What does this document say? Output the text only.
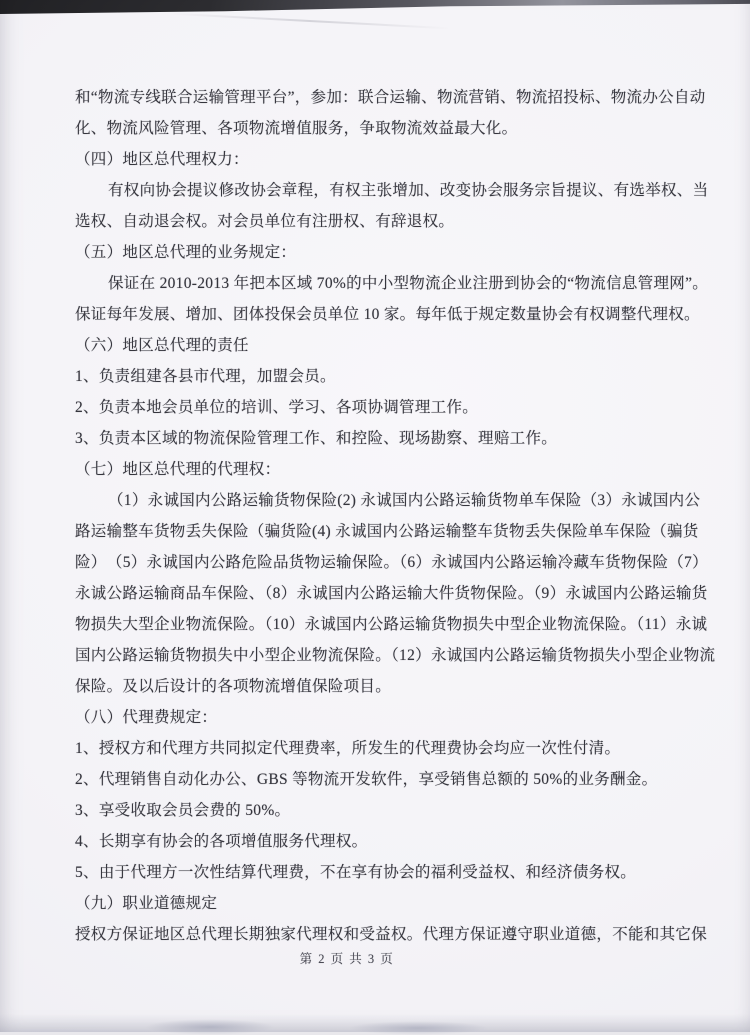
和“物流专线联合运输管理平台”，参加：联合运输、物流营销、物流招投标、物流办公自动
化、物流风险管理、各项物流增值服务，争取物流效益最大化。
（四）地区总代理权力：
有权向协会提议修改协会章程，有权主张增加、改变协会服务宗旨提议、有选举权、当
选权、自动退会权。对会员单位有注册权、有辞退权。
（五）地区总代理的业务规定：
保证在 2010-2013 年把本区域 70%的中小型物流企业注册到协会的“物流信息管理网”。
保证每年发展、增加、团体投保会员单位 10 家。每年低于规定数量协会有权调整代理权。
（六）地区总代理的责任
1、负责组建各县市代理，加盟会员。
2、负责本地会员单位的培训、学习、各项协调管理工作。
3、负责本区域的物流保险管理工作、和控险、现场勘察、理赔工作。
（七）地区总代理的代理权：
（1）永诚国内公路运输货物保险(2) 永诚国内公路运输货物单车保险（3）永诚国内公
路运输整车货物丢失保险（骗货险(4) 永诚国内公路运输整车货物丢失保险单车保险（骗货
险）　（5）永诚国内公路危险品货物运输保险。（6）永诚国内公路运输冷藏车货物保险（7）
永诚公路运输商品车保险、（8）永诚国内公路运输大件货物保险。（9）永诚国内公路运输货
物损失大型企业物流保险。（10）永诚国内公路运输货物损失中型企业物流保险。（11）永诚
国内公路运输货物损失中小型企业物流保险。（12）永诚国内公路运输货物损失小型企业物流
保险。及以后设计的各项物流增值保险项目。
（八）代理费规定：
1、授权方和代理方共同拟定代理费率，所发生的代理费协会均应一次性付清。
2、代理销售自动化办公、GBS 等物流开发软件，享受销售总额的 50%的业务酬金。
3、享受收取会员会费的 50%。
4、长期享有协会的各项增值服务代理权。
5、由于代理方一次性结算代理费，不在享有协会的福利受益权、和经济债务权。
（九）职业道德规定
授权方保证地区总代理长期独家代理权和受益权。代理方保证遵守职业道德，不能和其它保
第 2 页 共 3 页
